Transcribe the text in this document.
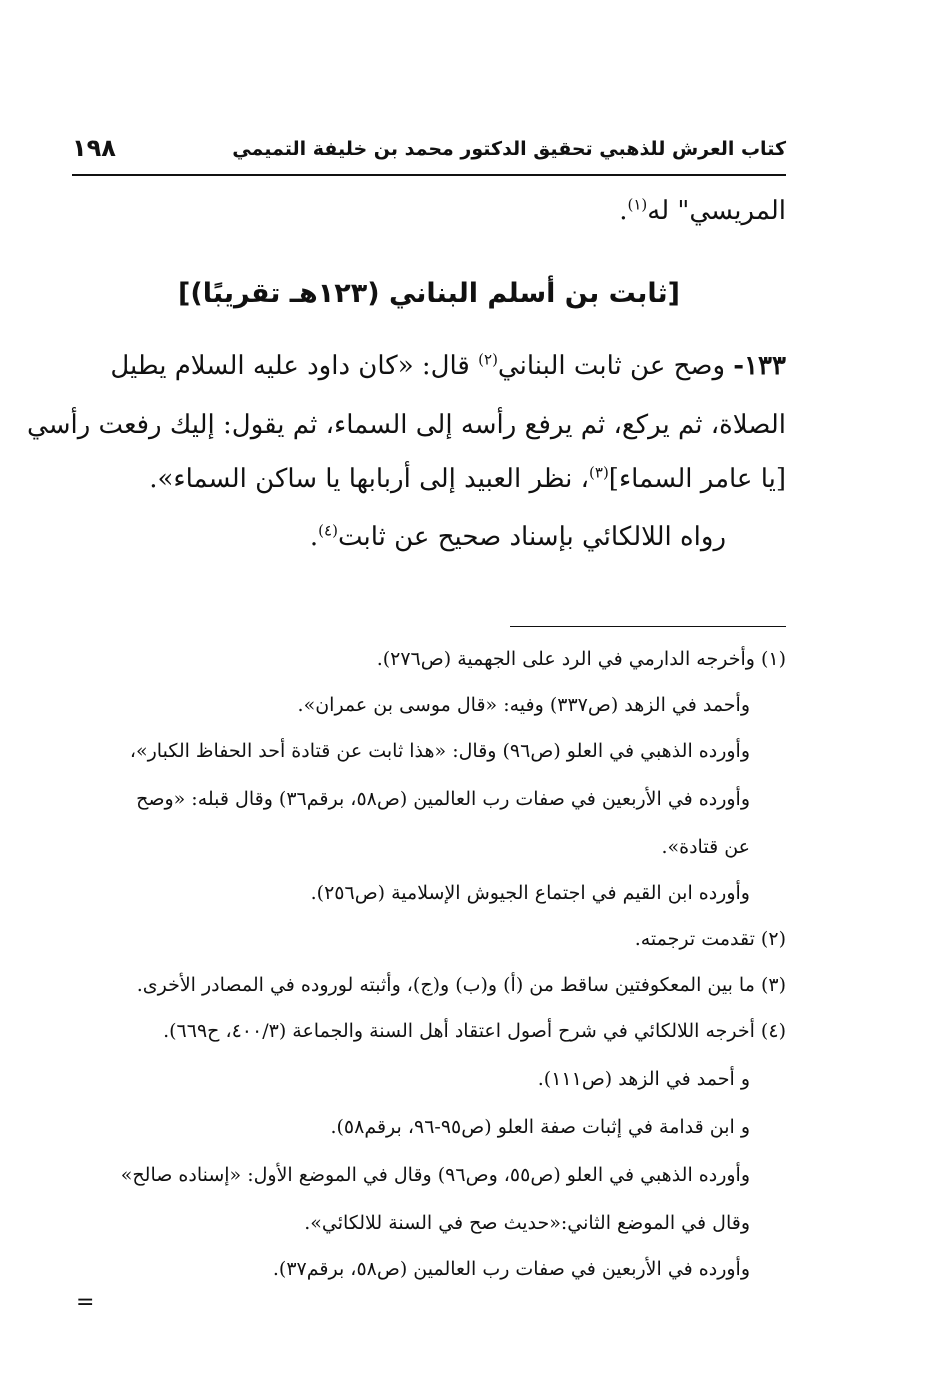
كتاب العرش للذهبي تحقيق الدكتور محمد بن خليفة التميمي
١٩٨
المريسي" له$^{(١)}$.
[ثابت بن أسلم البناني (١٢٣هـ تقريبًا)]
١٣٣- وصح عن ثابت البناني$^{(٢)}$ قال: «كان داود عليه السلام يطيل
الصلاة، ثم يركع، ثم يرفع رأسه إلى السماء، ثم يقول: إليك رفعت رأسي
[يا عامر السماء]$^{(٣)}$، نظر العبيد إلى أربابها يا ساكن السماء».
رواه اللالكائي بإسناد صحيح عن ثابت$^{(٤)}$.
(١) وأخرجه الدارمي في الرد على الجهمية (ص٢٧٦).
وأحمد في الزهد (ص٣٣٧) وفيه: «قال موسى بن عمران».
وأورده الذهبي في العلو (ص٩٦) وقال: «هذا ثابت عن قتادة أحد الحفاظ الكبار»،
وأورده في الأربعين في صفات رب العالمين (ص٥٨، برقم٣٦) وقال قبله: «وصح
عن قتادة».
وأورده ابن القيم في اجتماع الجيوش الإسلامية (ص٢٥٦).
(٢) تقدمت ترجمته.
(٣) ما بين المعكوفتين ساقط من (أ) و(ب) و(ج)، وأثبته لوروده في المصادر الأخرى.
(٤) أخرجه اللالكائي في شرح أصول اعتقاد أهل السنة والجماعة (٤٠٠/٣، ح٦٦٩).
و أحمد في الزهد (ص١١١).
و ابن قدامة في إثبات صفة العلو (ص٩٥-٩٦، برقم٥٨).
وأورده الذهبي في العلو (ص٥٥، وص٩٦) وقال في الموضع الأول: «إسناده صالح»
وقال في الموضع الثاني:«حديث صح في السنة للالكائي».
وأورده في الأربعين في صفات رب العالمين (ص٥٨، برقم٣٧).
=
